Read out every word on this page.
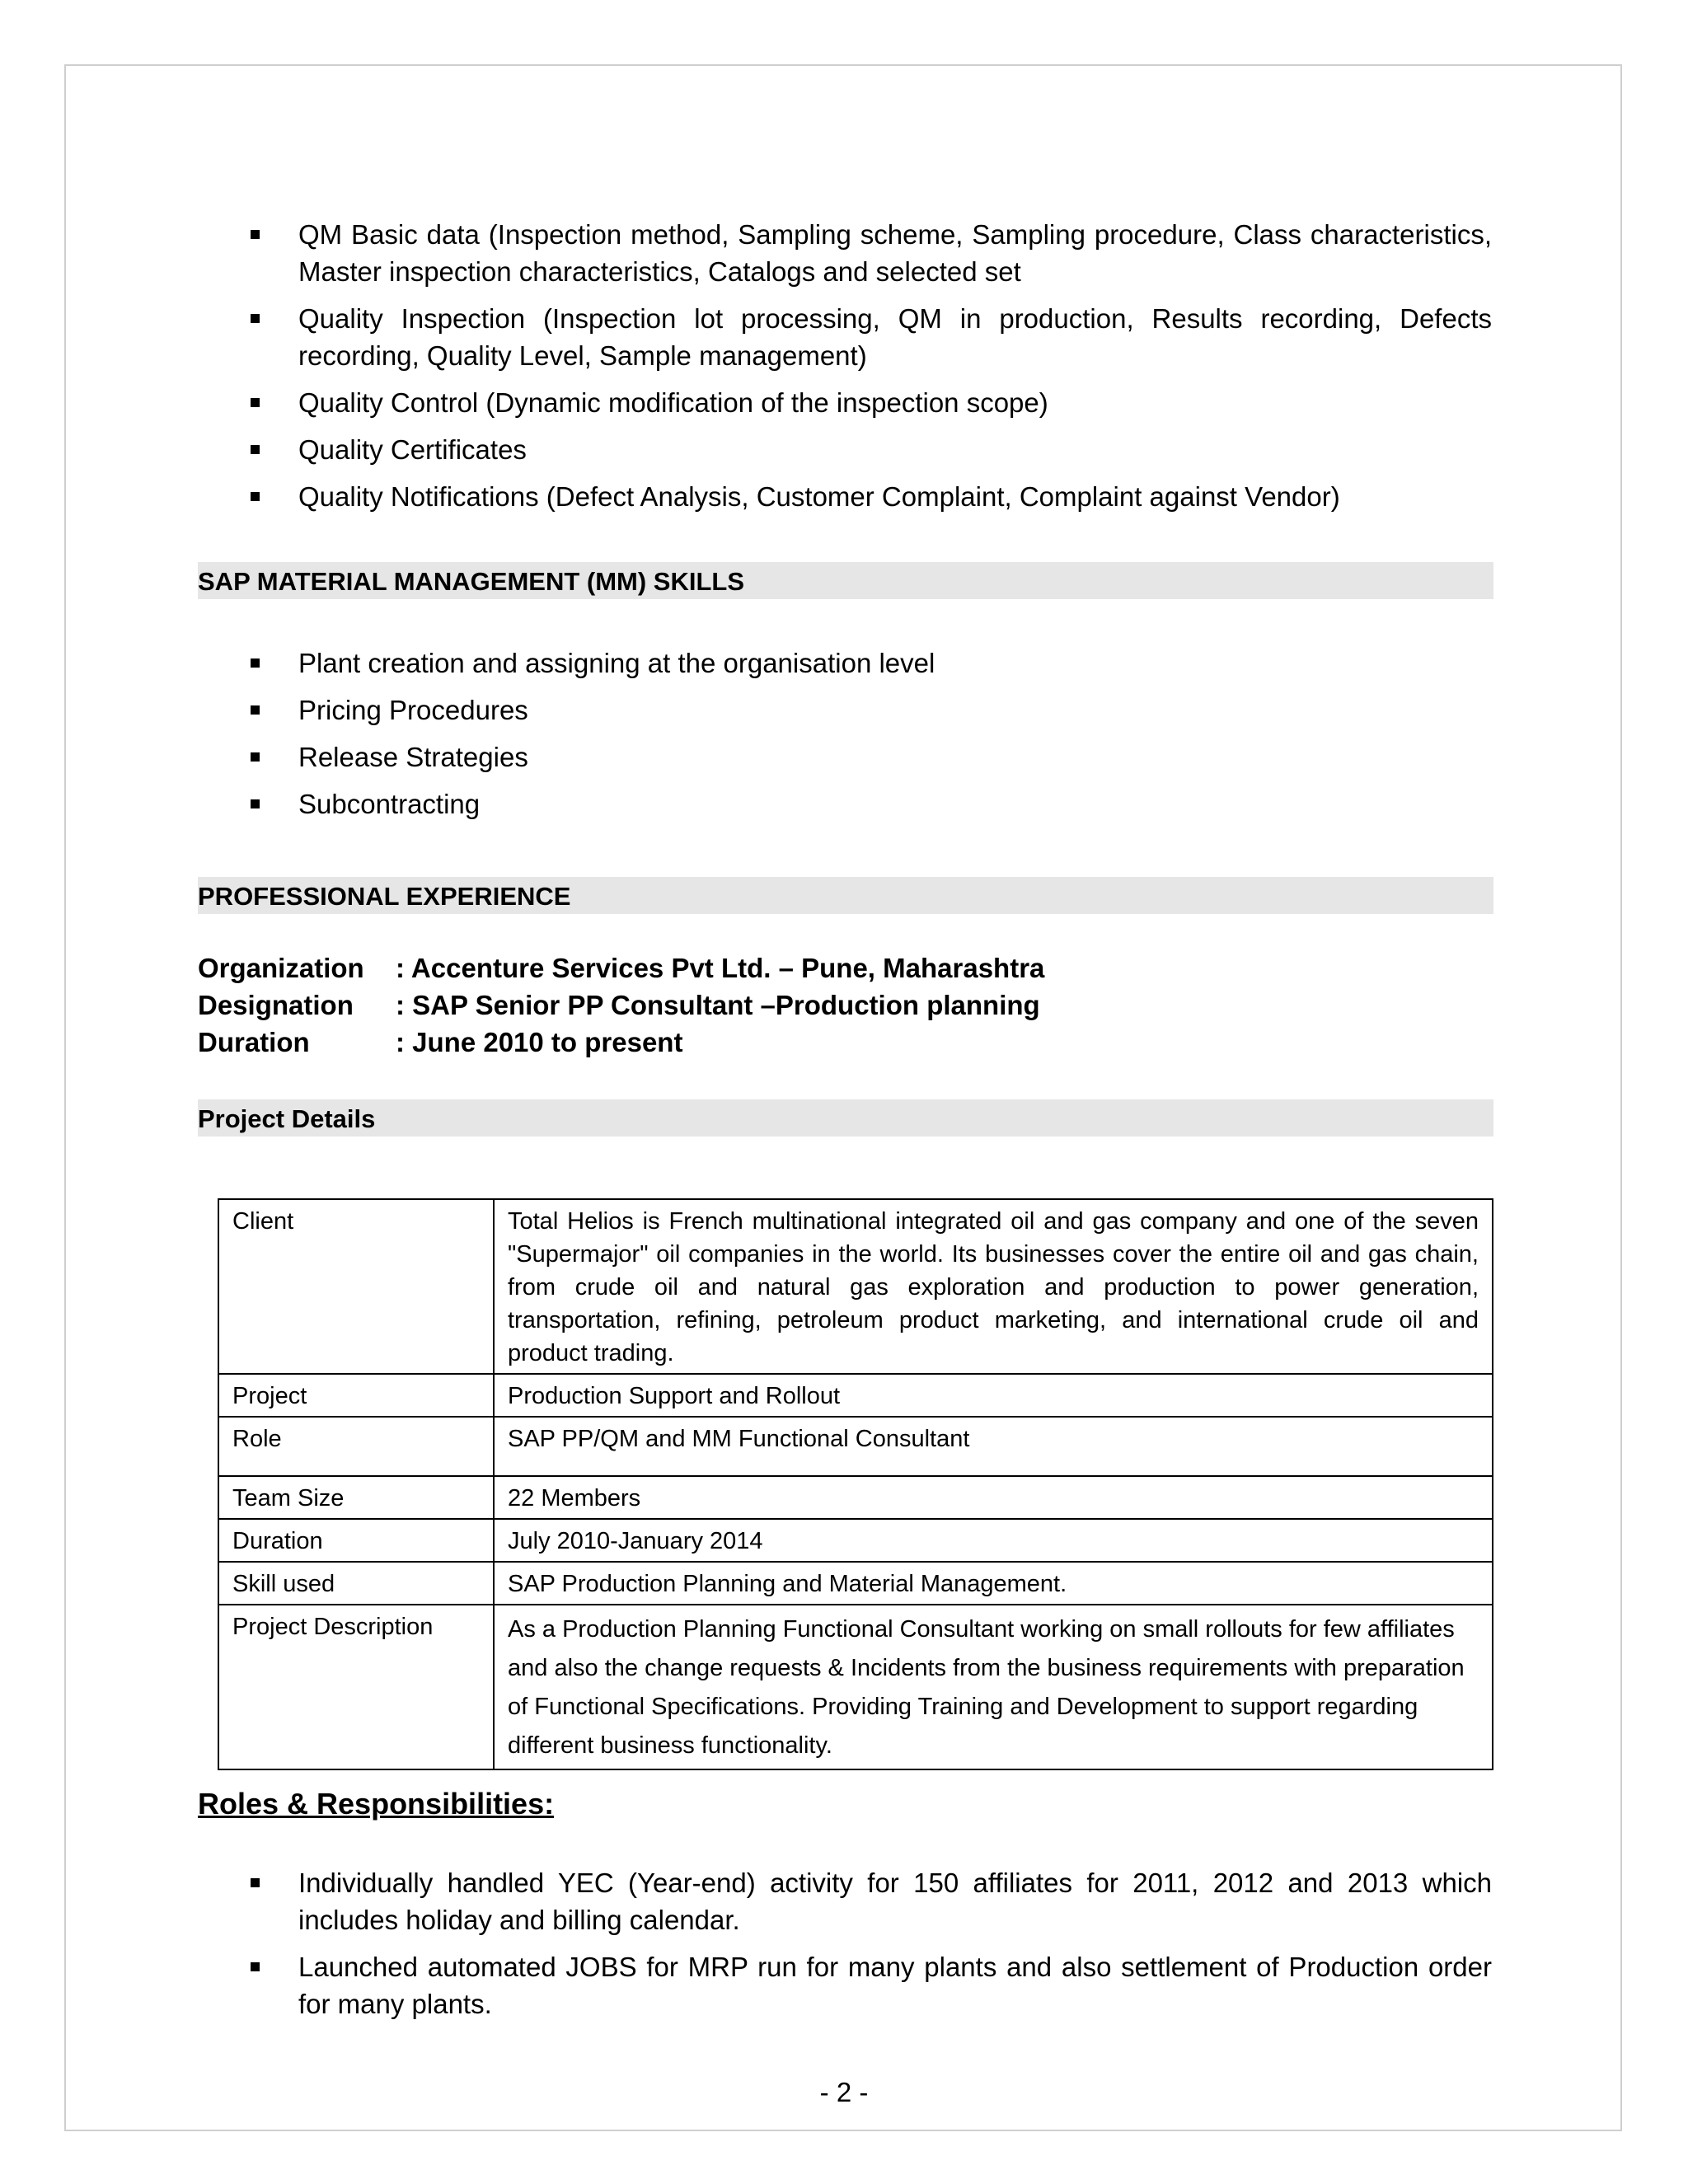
QM Basic data (Inspection method, Sampling scheme, Sampling procedure, Class characteristics, Master inspection characteristics, Catalogs and selected set
Quality Inspection (Inspection lot processing, QM in production, Results recording, Defects recording, Quality Level, Sample management)
Quality Control (Dynamic modification of the inspection scope)
Quality Certificates
Quality Notifications (Defect Analysis, Customer Complaint, Complaint against Vendor)
SAP MATERIAL MANAGEMENT (MM) SKILLS
Plant creation and assigning at the organisation level
Pricing Procedures
Release Strategies
Subcontracting
PROFESSIONAL EXPERIENCE
Organization : Accenture Services Pvt Ltd. – Pune, Maharashtra
Designation : SAP Senior PP Consultant –Production planning
Duration	: June 2010 to present
Project Details
Client	Total Helios is French multinational integrated oil and gas company and one of the seven "Supermajor" oil companies in the world. Its businesses cover the entire oil and gas chain, from crude oil and natural gas exploration and production to power generation, transportation, refining, petroleum product marketing, and international crude oil and product trading.
Project	Production Support and Rollout
Role	SAP PP/QM and MM Functional Consultant
Team Size	22 Members
Duration	July 2010-January 2014
Skill used	SAP Production Planning and Material Management.
Project Description	As a Production Planning Functional Consultant working on small rollouts for few affiliates and also the change requests & Incidents from the business requirements with preparation of Functional Specifications. Providing Training and Development to support regarding different business functionality.
Roles & Responsibilities:
Individually handled YEC (Year-end) activity for 150 affiliates for 2011, 2012 and 2013 which includes holiday and billing calendar.
Launched automated JOBS for MRP run for many plants and also settlement of Production order for many plants.
- 2 -
